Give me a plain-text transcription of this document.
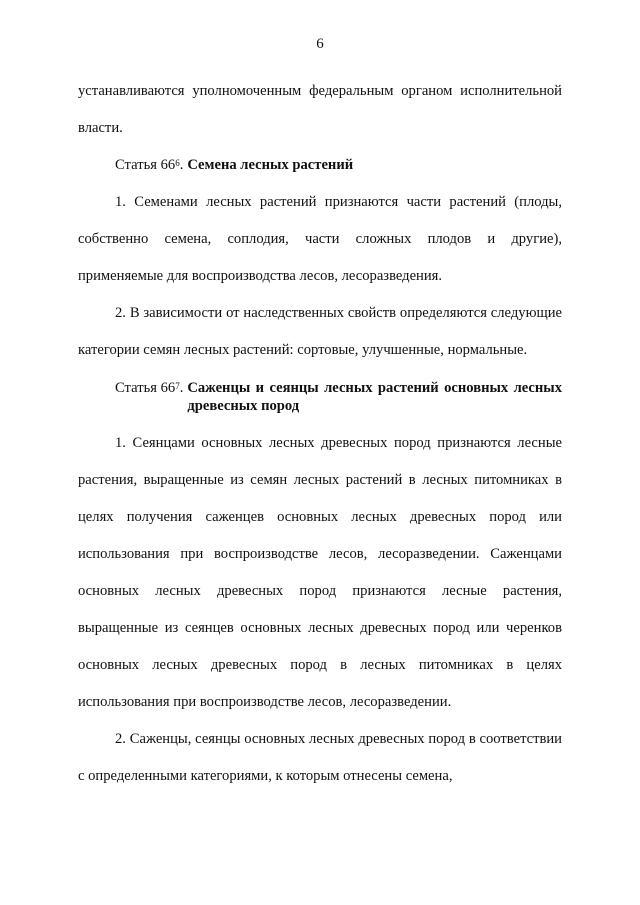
6

устанавливаются уполномоченным федеральным органом исполнительной власти.

Статья $66^6$. Семена лесных растений

1. Семенами лесных растений признаются части растений (плоды, собственно семена, соплодия, части сложных плодов и другие), применяемые для воспроизводства лесов, лесоразведения.

2. В зависимости от наследственных свойств определяются следующие категории семян лесных растений: сортовые, улучшенные, нормальные.

Статья $66^7$. Саженцы и сеянцы лесных растений основных лесных древесных пород

1. Сеянцами основных лесных древесных пород признаются лесные растения, выращенные из семян лесных растений в лесных питомниках в целях получения саженцев основных лесных древесных пород или использования при воспроизводстве лесов, лесоразведении. Саженцами основных лесных древесных пород признаются лесные растения, выращенные из сеянцев основных лесных древесных пород или черенков основных лесных древесных пород в лесных питомниках в целях использования при воспроизводстве лесов, лесоразведении.

2. Саженцы, сеянцы основных лесных древесных пород в соответствии с определенными категориями, к которым отнесены семена,
